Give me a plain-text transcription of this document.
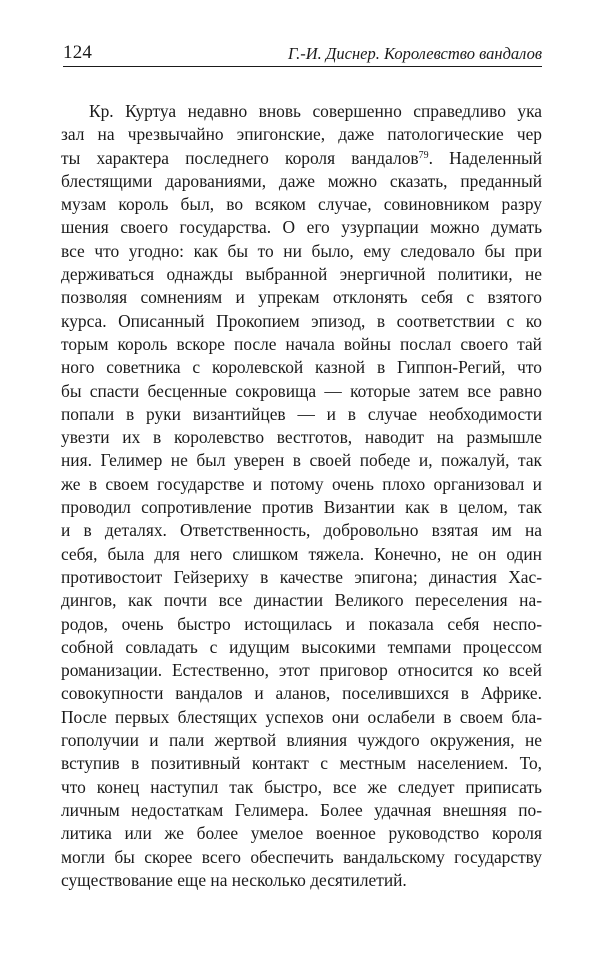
124	Г.-И. Диснер. Королевство вандалов
Кр. Куртуа недавно вновь совершенно справедливо ука
зал на чрезвычайно эпигонские, даже патологические чер
ты характера последнего короля вандалов$^{79}$. Наделенный
блестящими дарованиями, даже можно сказать, преданный
музам король был, во всяком случае, совиновником разру
шения своего государства. О его узурпации можно думать
все что угодно: как бы то ни было, ему следовало бы при
держиваться однажды выбранной энергичной политики, не
позволяя сомнениям и упрекам отклонять себя с взятого
курса. Описанный Прокопием эпизод, в соответствии с ко
торым король вскоре после начала войны послал своего тай
ного советника с королевской казной в Гиппон-Регий, что
бы спасти бесценные сокровища — которые затем все равно
попали в руки византийцев — и в случае необходимости
увезти их в королевство вестготов, наводит на размышле
ния. Гелимер не был уверен в своей победе и, пожалуй, так
же в своем государстве и потому очень плохо организовал и
проводил сопротивление против Византии как в целом, так
и в деталях. Ответственность, добровольно взятая им на
себя, была для него слишком тяжела. Конечно, не он один
противостоит Гейзериху в качестве эпигона; династия Хас-
дингов, как почти все династии Великого переселения на-
родов, очень быстро истощилась и показала себя неспо-
собной совладать с идущим высокими темпами процессом
романизации. Естественно, этот приговор относится ко всей
совокупности вандалов и аланов, поселившихся в Африке.
После первых блестящих успехов они ослабели в своем бла-
гополучии и пали жертвой влияния чуждого окружения, не
вступив в позитивный контакт с местным населением. То,
что конец наступил так быстро, все же следует приписать
личным недостаткам Гелимера. Более удачная внешняя по-
литика или же более умелое военное руководство короля
могли бы скорее всего обеспечить вандальскому государству
существование еще на несколько десятилетий.
